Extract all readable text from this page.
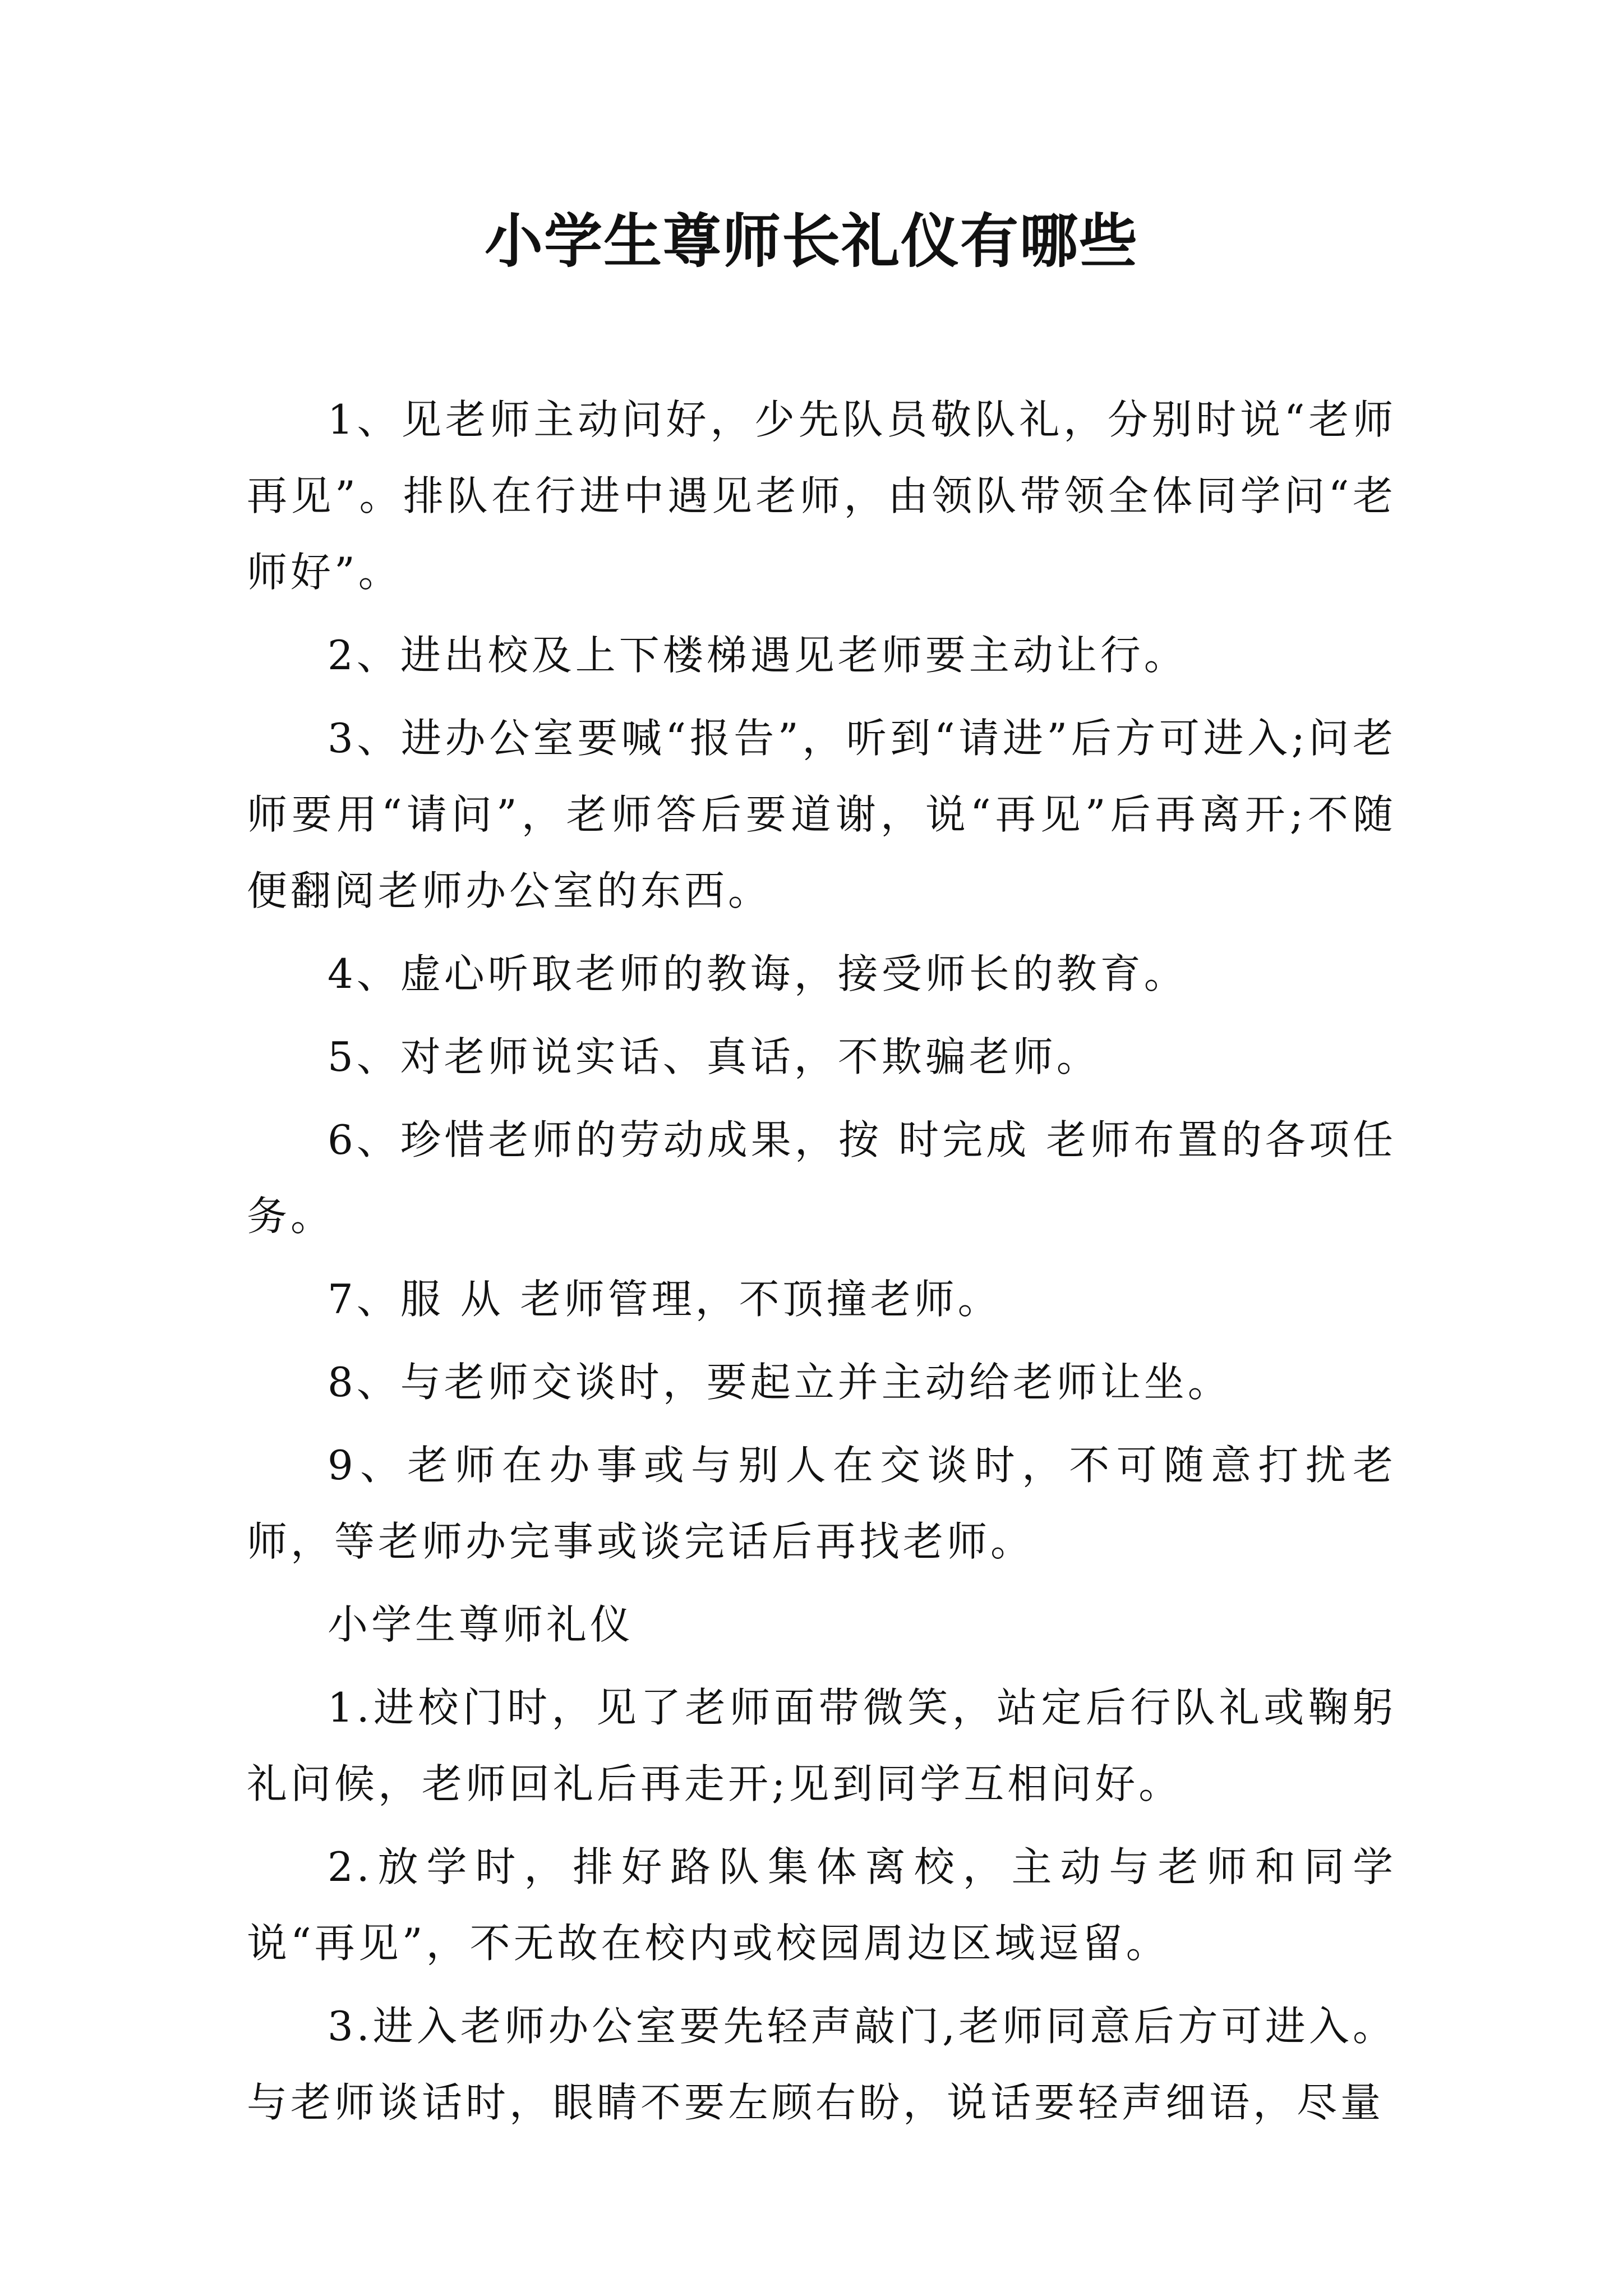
小学生尊师长礼仪有哪些

1、见老师主动问好，少先队员敬队礼，分别时说“老师再见”。排队在行进中遇见老师，由领队带领全体同学问“老师好”。

2、进出校及上下楼梯遇见老师要主动让行。

3、进办公室要喊“报告”，听到“请进”后方可进入;问老师要用“请问”，老师答后要道谢，说“再见”后再离开;不随便翻阅老师办公室的东西。

4、虚心听取老师的教诲，接受师长的教育。

5、对老师说实话、真话，不欺骗老师。

6、珍惜老师的劳动成果，按 时完成 老师布置的各项任务。

7、服 从 老师管理，不顶撞老师。

8、与老师交谈时，要起立并主动给老师让坐。

9、老师在办事或与别人在交谈时，不可随意打扰老师，等老师办完事或谈完话后再找老师。

小学生尊师礼仪

1.进校门时，见了老师面带微笑，站定后行队礼或鞠躬礼问候，老师回礼后再走开;见到同学互相问好。

2.放学时，排好路队集体离校，主动与老师和同学说“再见”，不无故在校内或校园周边区域逗留。

3.进入老师办公室要先轻声敲门,老师同意后方可进入。与老师谈话时，眼睛不要左顾右盼，说话要轻声细语，尽量
